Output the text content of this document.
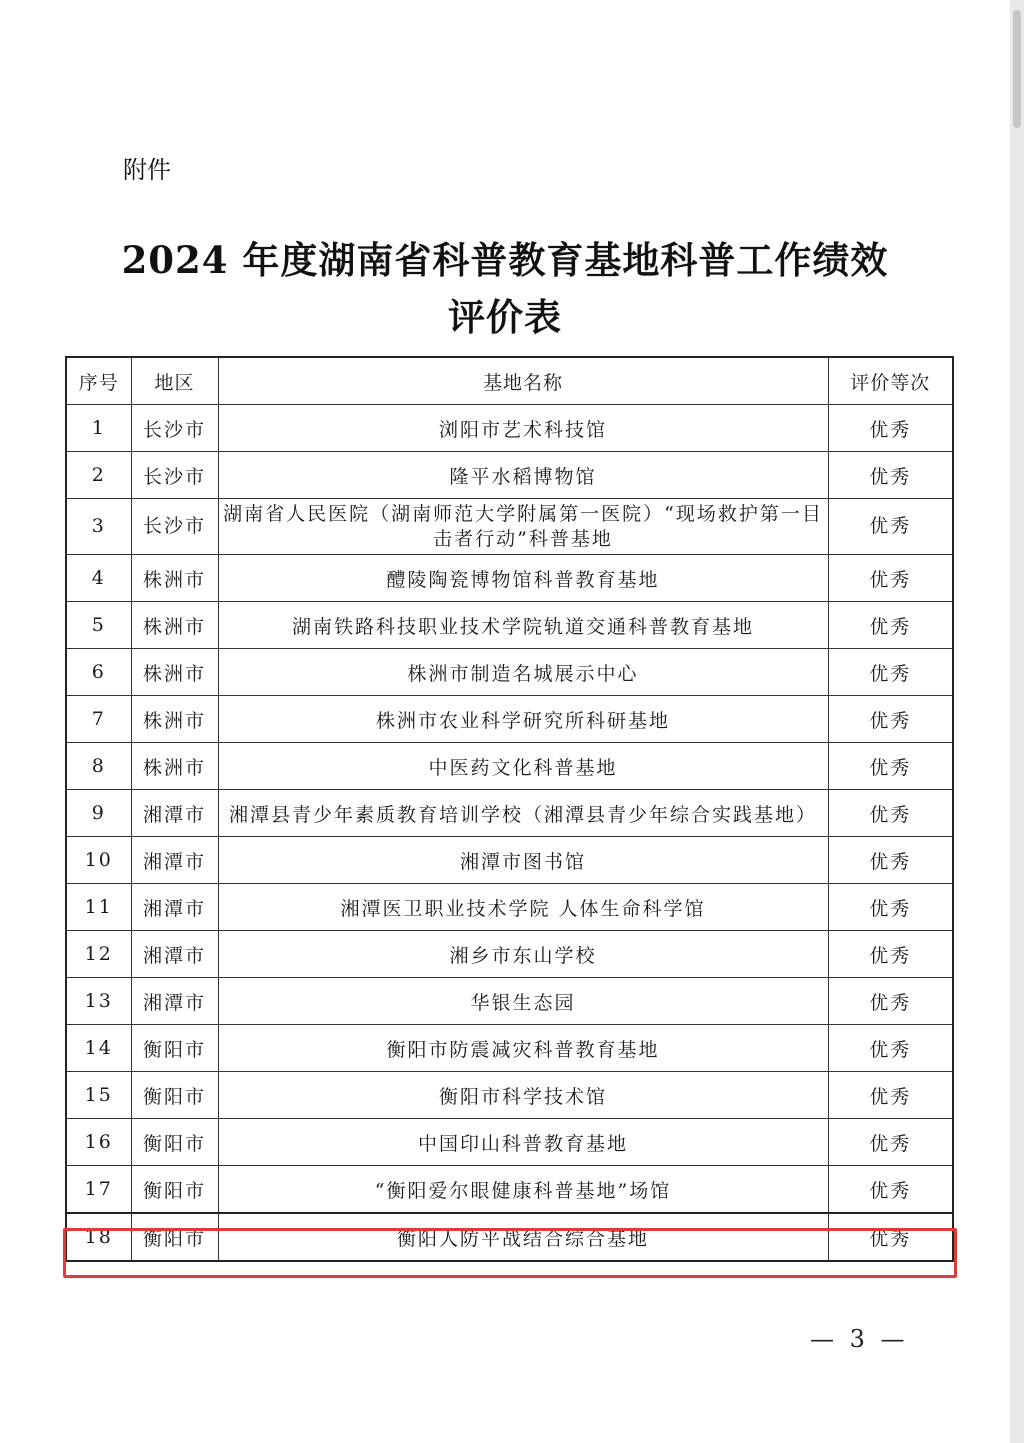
附件
2024 年度湖南省科普教育基地科普工作绩效
评价表
序号	地区	基地名称	评价等次
1	长沙市	浏阳市艺术科技馆	优秀
2	长沙市	隆平水稻博物馆	优秀
3	长沙市	湖南省人民医院（湖南师范大学附属第一医院）“现场救护第一目击者行动”科普基地	优秀
4	株洲市	醴陵陶瓷博物馆科普教育基地	优秀
5	株洲市	湖南铁路科技职业技术学院轨道交通科普教育基地	优秀
6	株洲市	株洲市制造名城展示中心	优秀
7	株洲市	株洲市农业科学研究所科研基地	优秀
8	株洲市	中医药文化科普基地	优秀
9	湘潭市	湘潭县青少年素质教育培训学校（湘潭县青少年综合实践基地）	优秀
10	湘潭市	湘潭市图书馆	优秀
11	湘潭市	湘潭医卫职业技术学院 人体生命科学馆	优秀
12	湘潭市	湘乡市东山学校	优秀
13	湘潭市	华银生态园	优秀
14	衡阳市	衡阳市防震减灾科普教育基地	优秀
15	衡阳市	衡阳市科学技术馆	优秀
16	衡阳市	中国印山科普教育基地	优秀
17	衡阳市	“衡阳爱尔眼健康科普基地”场馆	优秀
18	衡阳市	衡阳人防平战结合综合基地	优秀
— 3 —
